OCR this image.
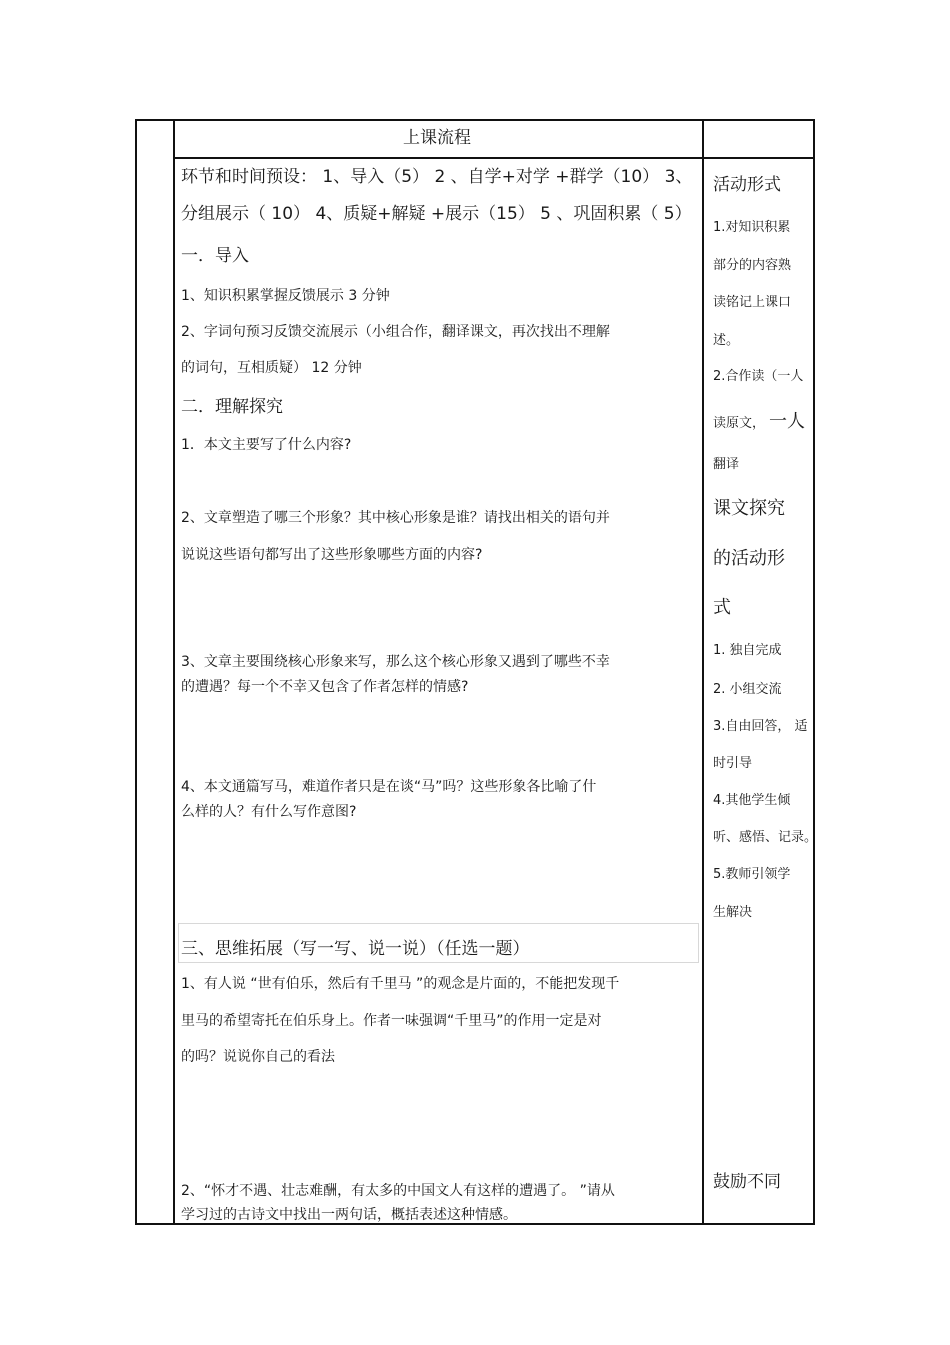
上课流程
环节和时间预设： 1、导入（5） 2 、自学+对学 +群学（10） 3、
分组展示（ 10） 4、质疑+解疑 +展示（15） 5 、巩固积累（ 5）
一．导入
1、知识积累掌握反馈展示 3 分钟
2、字词句预习反馈交流展示（小组合作，翻译课文，再次找出不理解
的词句，互相质疑） 12 分钟
二．理解探究
1．本文主要写了什么内容?
2、文章塑造了哪三个形象？其中核心形象是谁？请找出相关的语句并
说说这些语句都写出了这些形象哪些方面的内容?
3、文章主要围绕核心形象来写，那么这个核心形象又遇到了哪些不幸
的遭遇？每一个不幸又包含了作者怎样的情感?
4、本文通篇写马，难道作者只是在谈“马”吗？这些形象各比喻了什
么样的人？有什么写作意图?
三、思维拓展（写一写、说一说）（任选一题）
1、有人说 “世有伯乐，然后有千里马 ”的观念是片面的，不能把发现千
里马的希望寄托在伯乐身上。作者一味强调“千里马”的作用一定是对
的吗？说说你自己的看法
2、“怀才不遇、壮志难酬，有太多的中国文人有这样的遭遇了。 ”请从
学习过的古诗文中找出一两句话，概括表述这种情感。
活动形式
1.对知识积累
部分的内容熟
读铭记上课口
述。
2.合作读（一人
读原文， 一人
翻译
课文探究
的活动形
式
1. 独自完成
2. 小组交流
3.自由回答， 适
时引导
4.其他学生倾
听、感悟、记录。
5.教师引领学
生解决
鼓励不同
